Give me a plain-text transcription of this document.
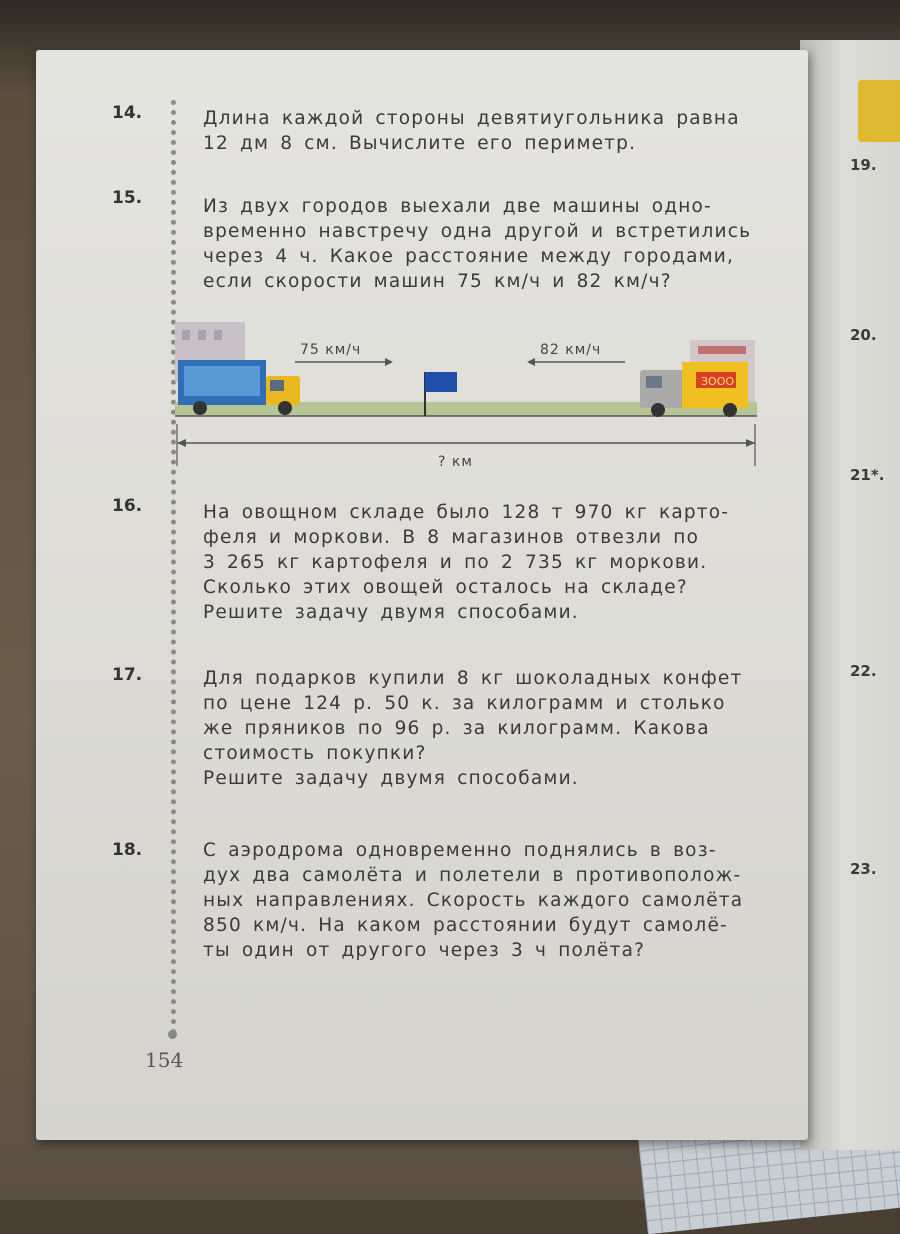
19.
20.
21*.
22.
23.
14.	Длина каждой стороны девятиугольника равна

12 дм 8 см. Вычислите его периметр.

15.	Из двух городов выехали две машины одно-

временно навстречу одна другой и встретились

через 4 ч. Какое расстояние между городами,

если скорости машин 75 км/ч и 82 км/ч?

75 км/ч	82 км/ч
ЗООО
? км
16.	На овощном складе было 128 т 970 кг карто-

феля и моркови. В 8 магазинов отвезли по

3 265 кг картофеля и по 2 735 кг моркови.

Сколько этих овощей осталось на складе?

Решите задачу двумя способами.

17.	Для подарков купили 8 кг шоколадных конфет

по цене 124 р. 50 к. за килограмм и столько

же пряников по 96 р. за килограмм. Какова

стоимость покупки?

Решите задачу двумя способами.

18.	С аэродрома одновременно поднялись в воз-

дух два самолёта и полетели в противополож-

ных направлениях. Скорость каждого самолёта

850 км/ч. На каком расстоянии будут самолё-

ты один от другого через 3 ч полёта?

154
